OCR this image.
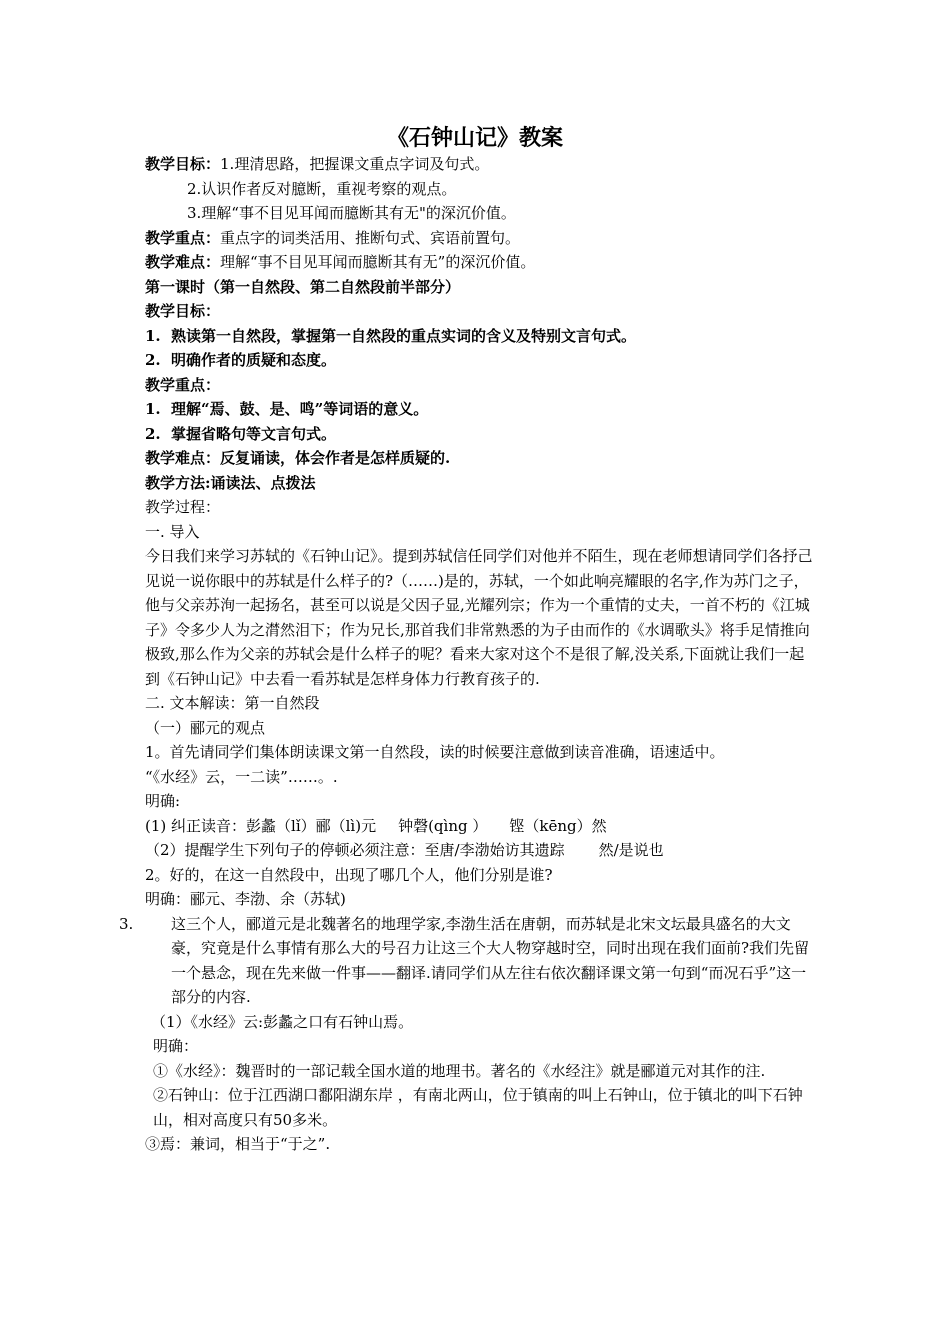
《石钟山记》教案
教学目标：1.理清思路，把握课文重点字词及句式。
2.认识作者反对臆断，重视考察的观点。
3.理解“事不目见耳闻而臆断其有无"的深沉价值。
教学重点：重点字的词类活用、推断句式、宾语前置句。
教学难点：理解“事不目见耳闻而臆断其有无”的深沉价值。
第一课时（第一自然段、第二自然段前半部分）
教学目标：
1. 熟读第一自然段，掌握第一自然段的重点实词的含义及特别文言句式。
2. 明确作者的质疑和态度。
教学重点：
1. 理解“焉、鼓、是、鸣”等词语的意义。
2. 掌握省略句等文言句式。
教学难点：反复诵读，体会作者是怎样质疑的.
教学方法:诵读法、点拨法
教学过程：
一. 导入
今日我们来学习苏轼的《石钟山记》。提到苏轼信任同学们对他并不陌生，现在老师想请同学们各抒己见说一说你眼中的苏轼是什么样子的?（……)是的，苏轼，一个如此响亮耀眼的名字,作为苏门之子，他与父亲苏洵一起扬名，甚至可以说是父因子显,光耀列宗；作为一个重情的丈夫，一首不朽的《江城子》令多少人为之潸然泪下；作为兄长,那首我们非常熟悉的为子由而作的《水调歌头》将手足情推向极致,那么作为父亲的苏轼会是什么样子的呢？看来大家对这个不是很了解,没关系,下面就让我们一起到《石钟山记》中去看一看苏轼是怎样身体力行教育孩子的.
二. 文本解读：第一自然段
（一）郦元的观点
1。首先请同学们集体朗读课文第一自然段，读的时候要注意做到读音准确，语速适中。
“《水经》云，一二读”……。.
明确:
(1) 纠正读音：彭蠡（lǐ）郦（lì)元 钟磬(qìng ） 铿（kēng）然
（2）提醒学生下列句子的停顿必须注意：至唐/李渤始访其遗踪 然/是说也
2。好的，在这一自然段中，出现了哪几个人，他们分别是谁?
明确：郦元、李渤、余（苏轼)
3.	这三个人，郦道元是北魏著名的地理学家,李渤生活在唐朝，而苏轼是北宋文坛最具盛名的大文豪，究竟是什么事情有那么大的号召力让这三个大人物穿越时空，同时出现在我们面前?我们先留一个悬念，现在先来做一件事——翻译.请同学们从左往右依次翻译课文第一句到“而况石乎”这一部分的内容.
（1）《水经》云:彭蠡之口有石钟山焉。
明确：
①《水经》：魏晋时的一部记载全国水道的地理书。著名的《水经注》就是郦道元对其作的注.
②石钟山：位于江西湖口鄱阳湖东岸 ，有南北两山，位于镇南的叫上石钟山，位于镇北的叫下石钟山，相对高度只有50多米。
③焉：兼词，相当于“于之”.
